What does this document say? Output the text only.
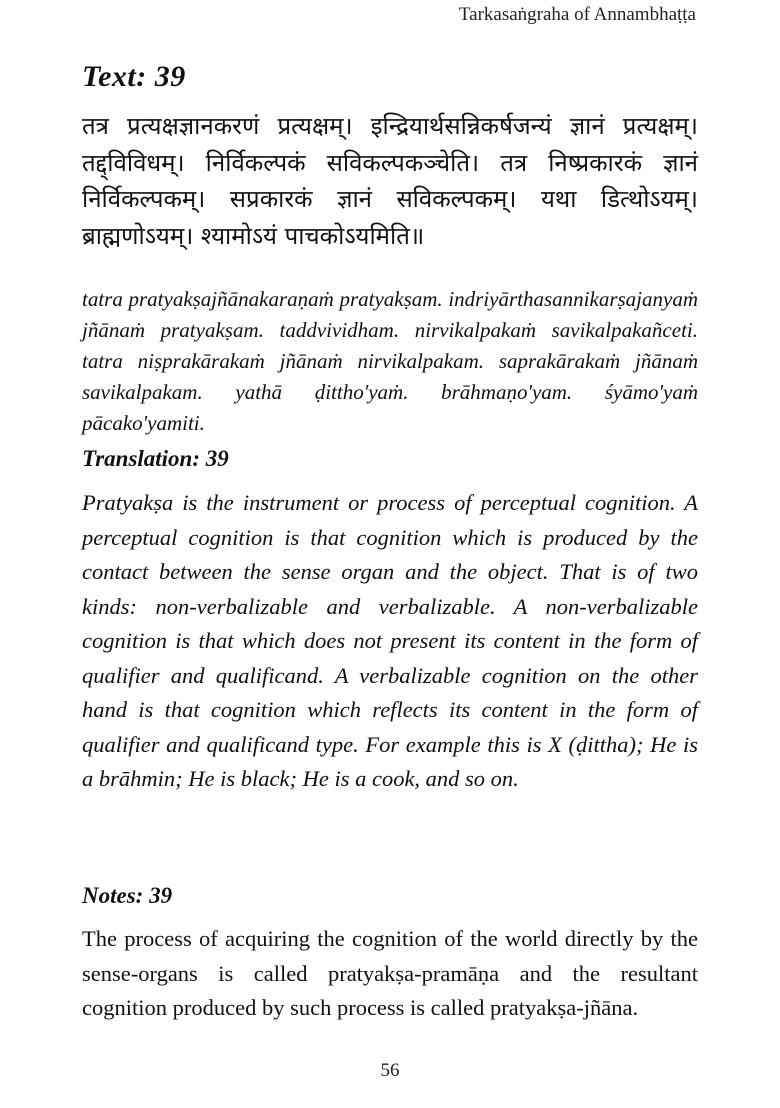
Tarkasaṅgraha of Annambhaṭṭa
Text: 39
तत्र प्रत्यक्षज्ञानकरणं प्रत्यक्षम्। इन्द्रियार्थसन्निकर्षजन्यं ज्ञानं प्रत्यक्षम्। तद्द्विविधम्। निर्विकल्पकं सविकल्पकञ्चेति। तत्र निष्प्रकारकं ज्ञानं निर्विकल्पकम्। सप्रकारकं ज्ञानं सविकल्पकम्। यथा डित्थोऽयम्। ब्राह्मणोऽयम्। श्यामोऽयं पाचकोऽयमिति॥
tatra pratyakṣajñānakaraṇaṁ pratyakṣam. indriyārthasannikarṣajanyaṁ jñānaṁ pratyakṣam. taddvividham. nirvikalpakaṁ savikalpakañceti. tatra niṣprakārakaṁ jñānaṁ nirvikalpakam. saprakārakaṁ jñānaṁ savikalpakam. yathā ḍittho'yaṁ. brāhmaṇo'yam. śyāmo'yaṁ pācako'yamiti.
Translation: 39
Pratyakṣa is the instrument or process of perceptual cognition. A perceptual cognition is that cognition which is produced by the contact between the sense organ and the object. That is of two kinds: non-verbalizable and verbalizable. A non-verbalizable cognition is that which does not present its content in the form of qualifier and qualificand. A verbalizable cognition on the other hand is that cognition which reflects its content in the form of qualifier and qualificand type. For example this is X (ḍittha); He is a brāhmin; He is black; He is a cook, and so on.
Notes: 39
The process of acquiring the cognition of the world directly by the sense-organs is called pratyakṣa-pramāṇa and the resultant cognition produced by such process is called pratyakṣa-jñāna.
56
